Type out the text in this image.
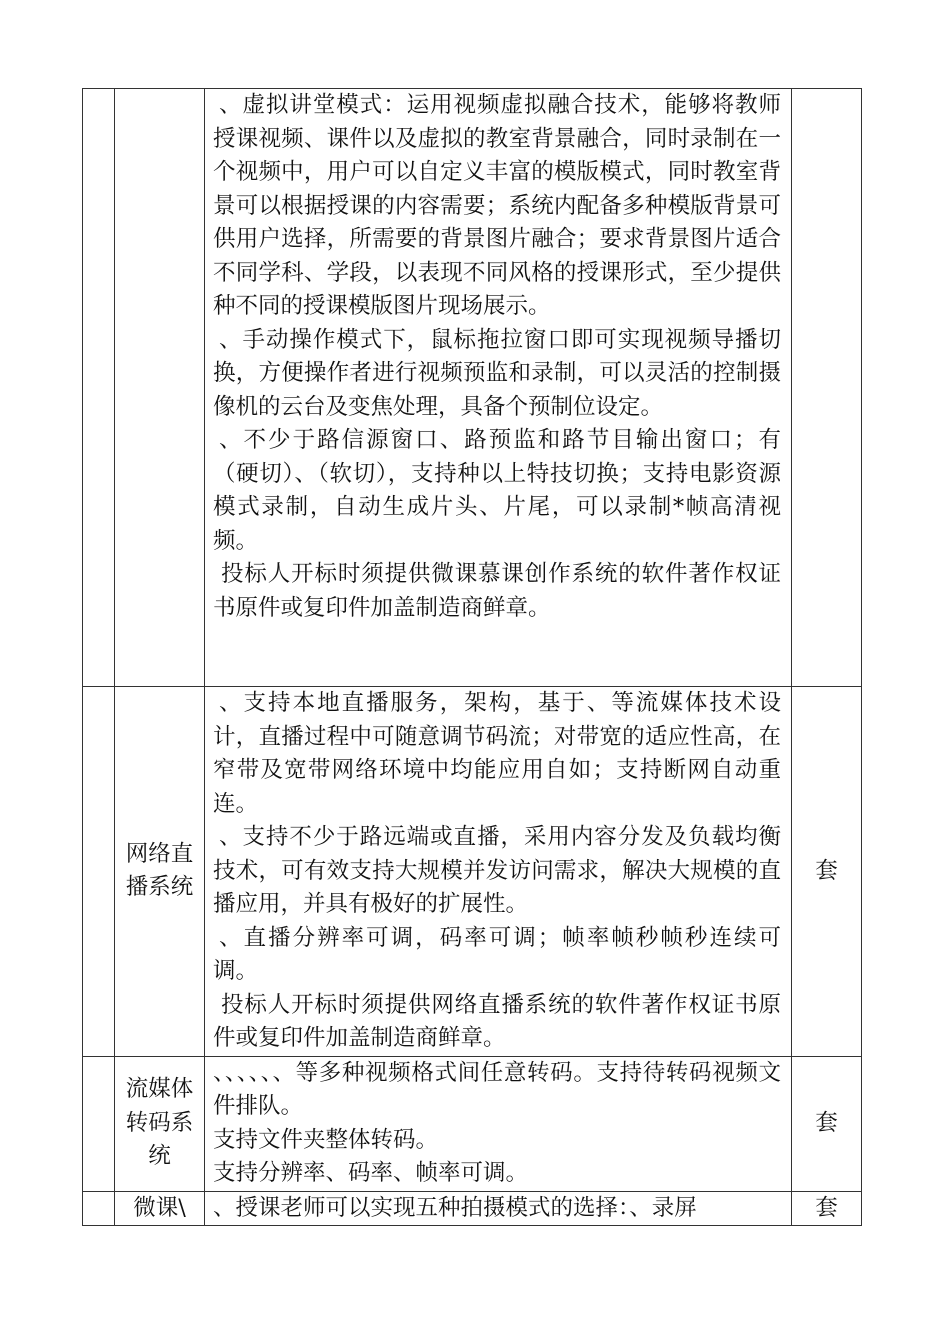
		、虚拟讲堂模式：运用视频虚拟融合技术，能够将教师授课视频、课件以及虚拟的教室背景融合，同时录制在一个视频中，用户可以自定义丰富的模版模式，同时教室背景可以根据授课的内容需要；系统内配备多种模版背景可供用户选择，所需要的背景图片融合；要求背景图片适合不同学科、学段，以表现不同风格的授课形式，至少提供种不同的授课模版图片现场展示。

、手动操作模式下，鼠标拖拉窗口即可实现视频导播切换，方便操作者进行视频预监和录制，可以灵活的控制摄像机的云台及变焦处理，具备个预制位设定。

、不少于路信源窗口、路预监和路节目输出窗口；有（硬切）、（软切），支持种以上特技切换；支持电影资源模式录制，自动生成片头、片尾，可以录制*帧高清视频。

投标人开标时须提供微课慕课创作系统的软件著作权证书原件或复印件加盖制造商鲜章。	

	网络直播系统	、支持本地直播服务，架构，基于、等流媒体技术设计，直播过程中可随意调节码流；对带宽的适应性高，在窄带及宽带网络环境中均能应用自如；支持断网自动重连。

、支持不少于路远端或直播，采用内容分发及负载均衡技术，可有效支持大规模并发访问需求，解决大规模的直播应用，并具有极好的扩展性。

、直播分辨率可调，码率可调；帧率帧秒帧秒连续可调。

投标人开标时须提供网络直播系统的软件著作权证书原件或复印件加盖制造商鲜章。	套
	流媒体转码系统	、、、、、、等多种视频格式间任意转码。支持待转码视频文件排队。

支持文件夹整体转码。

支持分辨率、码率、帧率可调。	套
	微课\	、授课老师可以实现五种拍摄模式的选择：、录屏	套
